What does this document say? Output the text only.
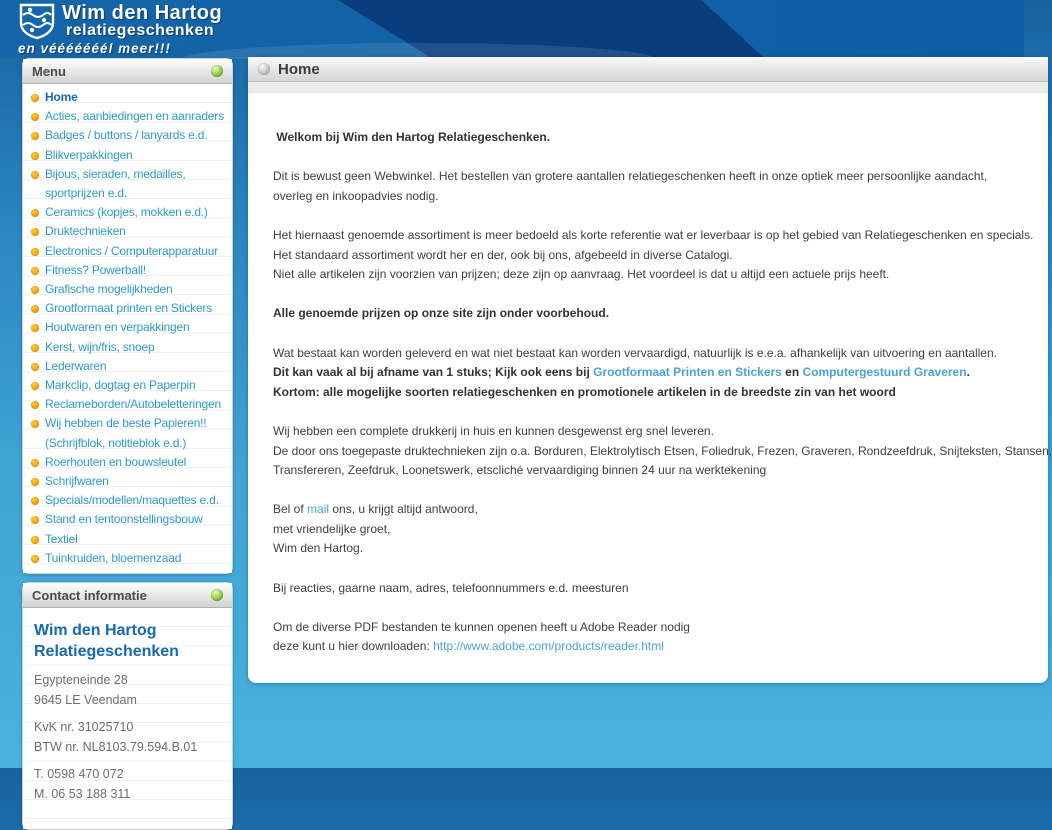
Wim den Hartog
relatiegeschenken
en vééééééél meer!!!
Menu
Home
Acties, aanbiedingen en aanraders
Badges / buttons / lanyards e.d.
Blikverpakkingen
Bijous, sieraden, medailles, sportprijzen e.d.
Ceramics (kopjes, mokken e.d.)
Druktechnieken
Electronics / Computerapparatuur
Fitness? Powerball!
Grafische mogelijkheden
Grootformaat printen en Stickers
Houtwaren en verpakkingen
Kerst, wijn/fris, snoep
Lederwaren
Markclip, dogtag en Paperpin
Reclameborden/Autobeletteringen
Wij hebben de beste Papieren!! (Schrijfblok, notitieblok e.d.)
Roerhouten en bouwsleutel
Schrijfwaren
Specials/modellen/maquettes e.d.
Stand en tentoonstellingsbouw
Textiel
Tuinkruiden, bloemenzaad
Contact informatie
Wim den Hartog
Relatiegeschenken
Egypteneinde 28
9645 LE Veendam
KvK nr. 31025710
BTW nr. NL8103.79.594.B.01
T. 0598 470 072
M. 06 53 188 311
Home
Welkom bij Wim den Hartog Relatiegeschenken.
Dit is bewust geen Webwinkel. Het bestellen van grotere aantallen relatiegeschenken heeft in onze optiek meer persoonlijke aandacht,
overleg en inkoopadvies nodig.
Het hiernaast genoemde assortiment is meer bedoeld als korte referentie wat er leverbaar is op het gebied van Relatiegeschenken en specials.
Het standaard assortiment wordt her en der, ook bij ons, afgebeeld in diverse Catalogi.
Niet alle artikelen zijn voorzien van prijzen; deze zijn op aanvraag. Het voordeel is dat u altijd een actuele prijs heeft.
Alle genoemde prijzen op onze site zijn onder voorbehoud.
Wat bestaat kan worden geleverd en wat niet bestaat kan worden vervaardigd, natuurlijk is e.e.a. afhankelijk van uitvoering en aantallen.
Dit kan vaak al bij afname van 1 stuks; Kijk ook eens bij Grootformaat Printen en Stickers en Computergestuurd Graveren.
Kortom: alle mogelijke soorten relatiegeschenken en promotionele artikelen in de breedste zin van het woord
Wij hebben een complete drukkerij in huis en kunnen desgewenst erg snel leveren.
De door ons toegepaste druktechnieken zijn o.a. Borduren, Elektrolytisch Etsen, Foliedruk, Frezen, Graveren, Rondzeefdruk, Snijteksten, Stansen,
Transfereren, Zeefdruk, Loonetswerk, etscliché vervaardiging binnen 24 uur na werktekening
Bel of mail ons, u krijgt altijd antwoord,
met vriendelijke groet,
Wim den Hartog.
Bij reacties, gaarne naam, adres, telefoonnummers e.d. meesturen
Om de diverse PDF bestanden te kunnen openen heeft u Adobe Reader nodig
deze kunt u hier downloaden: http://www.adobe.com/products/reader.html
